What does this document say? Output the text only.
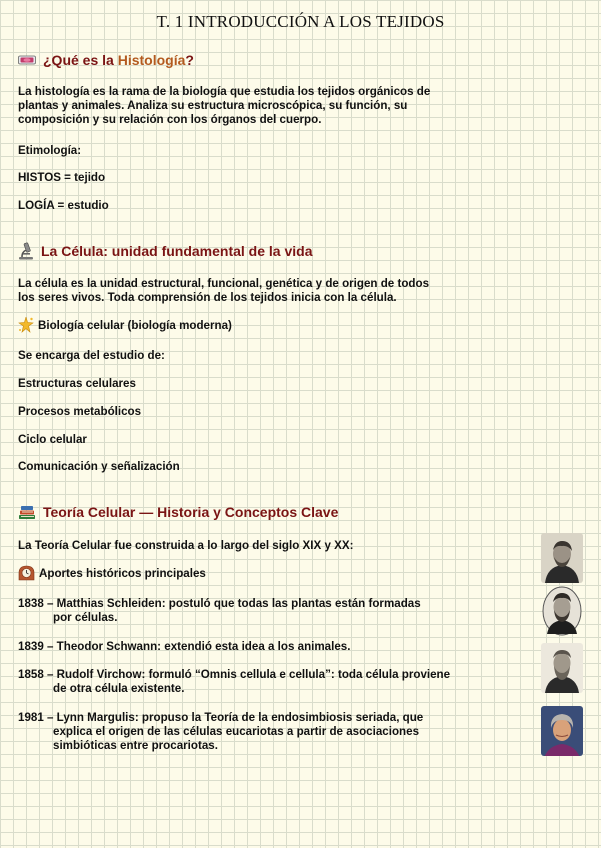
T. 1 INTRODUCCIÓN A LOS TEJIDOS
¿Qué es la Histología?
La histología es la rama de la biología que estudia los tejidos orgánicos de
plantas y animales. Analiza su estructura microscópica, su función, su
composición y su relación con los órganos del cuerpo.
Etimología:
HISTOS = tejido
LOGÍA = estudio
La Célula: unidad fundamental de la vida
La célula es la unidad estructural, funcional, genética y de origen de todos
los seres vivos. Toda comprensión de los tejidos inicia con la célula.
Biología celular (biología moderna)
Se encarga del estudio de:
Estructuras celulares
Procesos metabólicos
Ciclo celular
Comunicación y señalización
Teoría Celular — Historia y Conceptos Clave
La Teoría Celular fue construida a lo largo del siglo XIX y XX:
Aportes históricos principales
1838 – Matthias Schleiden: postuló que todas las plantas están formadas
por células.
1839 – Theodor Schwann: extendió esta idea a los animales.
1858 – Rudolf Virchow: formuló “Omnis cellula e cellula”: toda célula proviene
de otra célula existente.
1981 – Lynn Margulis: propuso la Teoría de la endosimbiosis seriada, que
explica el origen de las células eucariotas a partir de asociaciones
simbióticas entre procariotas.
